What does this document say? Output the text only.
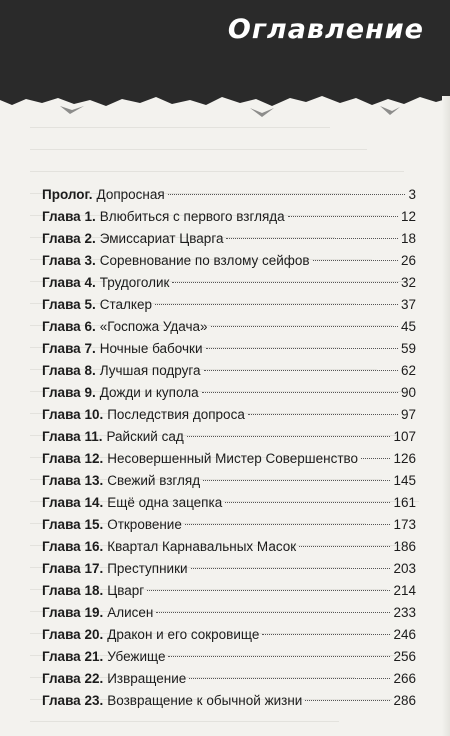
Оглавление
Пролог. Допросная	3
Глава 1. Влюбиться с первого взгляда	12
Глава 2. Эмиссариат Цварга	18
Глава 3. Соревнование по взлому сейфов	26
Глава 4. Трудоголик	32
Глава 5. Сталкер	37
Глава 6. «Госпожа Удача»	45
Глава 7. Ночные бабочки	59
Глава 8. Лучшая подруга	62
Глава 9. Дожди и купола	90
Глава 10. Последствия допроса	97
Глава 11. Райский сад	107
Глава 12. Несовершенный Мистер Совершенство	126
Глава 13. Свежий взгляд	145
Глава 14. Ещё одна зацепка	161
Глава 15. Откровение	173
Глава 16. Квартал Карнавальных Масок	186
Глава 17. Преступники	203
Глава 18. Цварг	214
Глава 19. Алисен	233
Глава 20. Дракон и его сокровище	246
Глава 21. Убежище	256
Глава 22. Извращение	266
Глава 23. Возвращение к обычной жизни	286
